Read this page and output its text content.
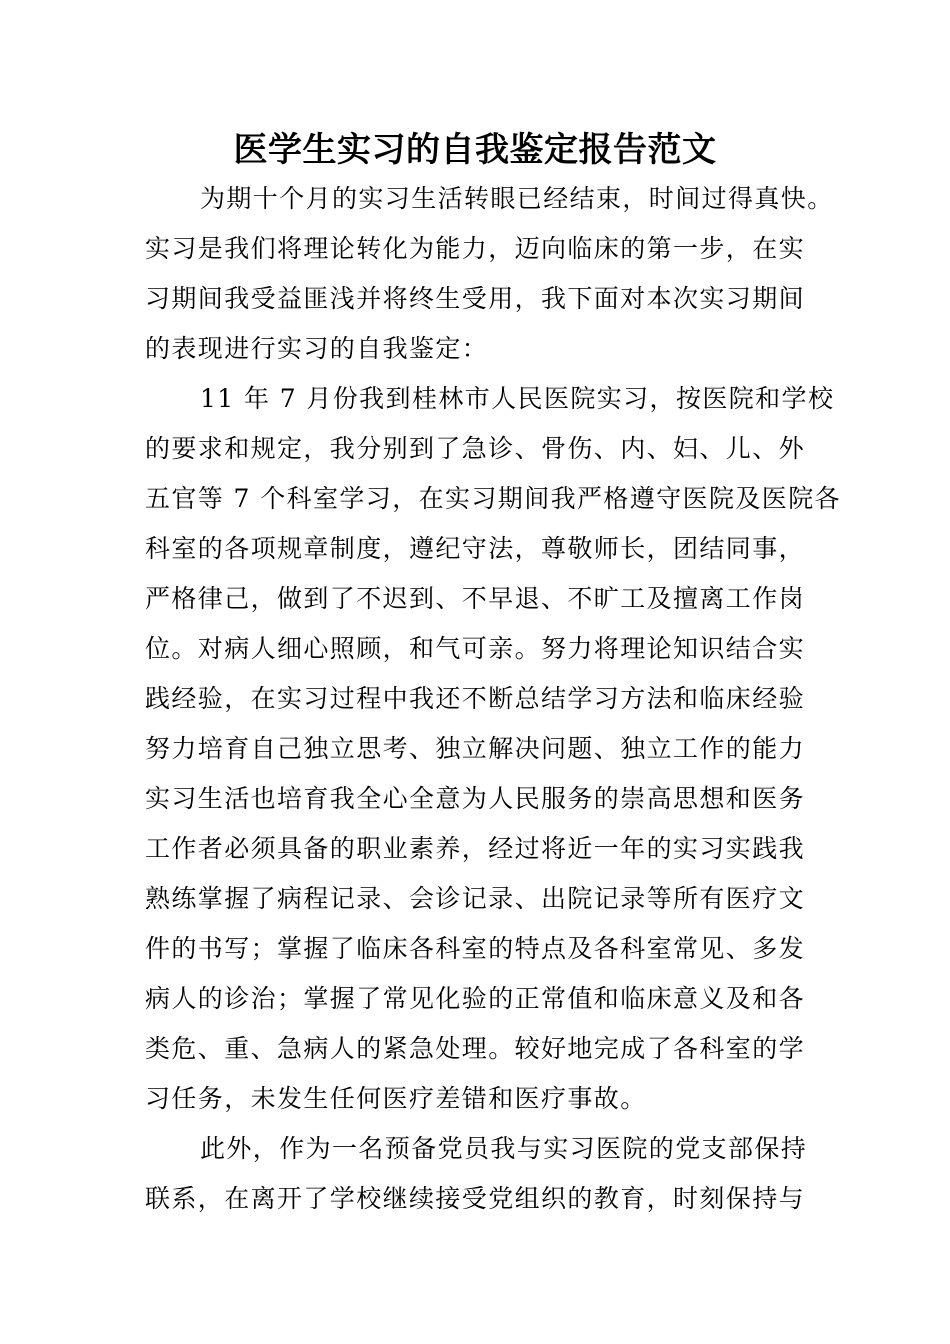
医学生实习的自我鉴定报告范文

为期十个月的实习生活转眼已经结束，时间过得真快。

实习是我们将理论转化为能力，迈向临床的第一步，在实

习期间我受益匪浅并将终生受用，我下面对本次实习期间

的表现进行实习的自我鉴定：

11 年 7 月份我到桂林市人民医院实习，按医院和学校

的要求和规定，我分别到了急诊、骨伤、内、妇、儿、外

五官等 7 个科室学习，在实习期间我严格遵守医院及医院各

科室的各项规章制度，遵纪守法，尊敬师长，团结同事，

严格律己，做到了不迟到、不早退、不旷工及擅离工作岗

位。对病人细心照顾，和气可亲。努力将理论知识结合实

践经验，在实习过程中我还不断总结学习方法和临床经验

努力培育自己独立思考、独立解决问题、独立工作的能力

实习生活也培育我全心全意为人民服务的崇高思想和医务

工作者必须具备的职业素养，经过将近一年的实习实践我

熟练掌握了病程记录、会诊记录、出院记录等所有医疗文

件的书写；掌握了临床各科室的特点及各科室常见、多发

病人的诊治；掌握了常见化验的正常值和临床意义及和各

类危、重、急病人的紧急处理。较好地完成了各科室的学

习任务，未发生任何医疗差错和医疗事故。

此外，作为一名预备党员我与实习医院的党支部保持

联系，在离开了学校继续接受党组织的教育，时刻保持与
